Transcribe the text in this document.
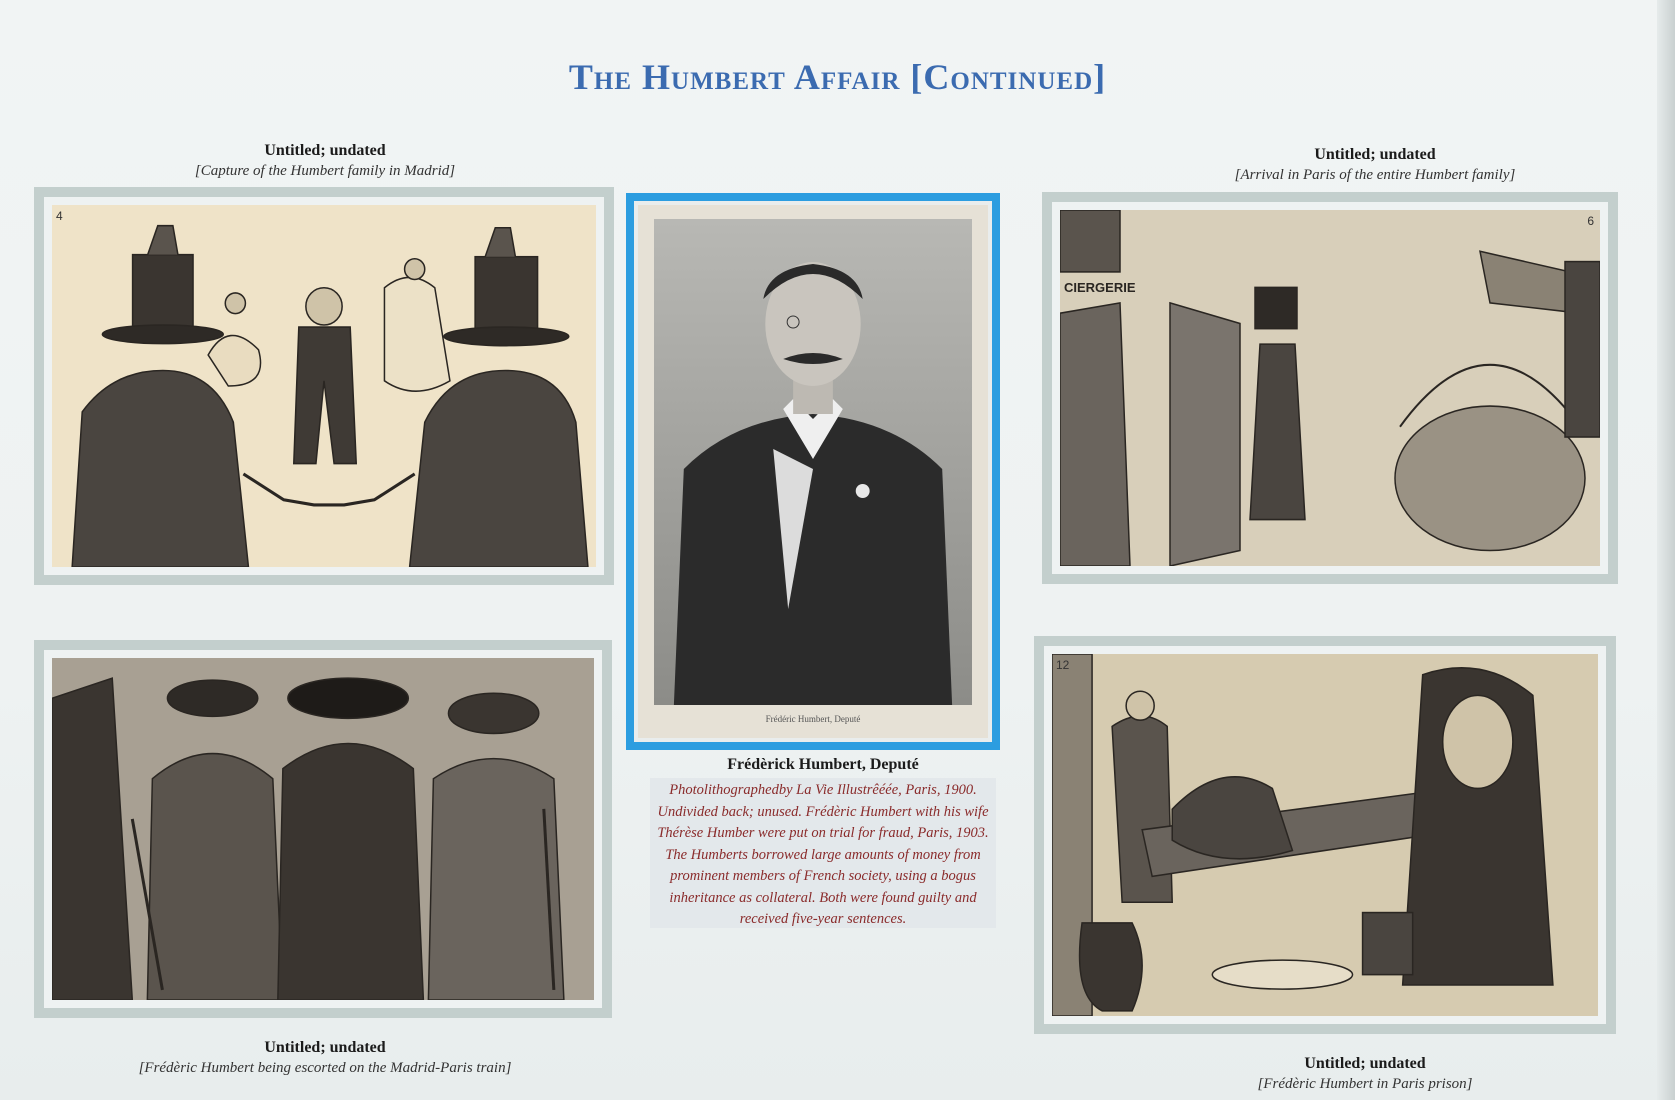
The Humbert Affair [Continued]
Untitled; undated
[Capture of the Humbert family in Madrid]
4
Untitled; undated
[Arrival in Paris of the entire Humbert family]
6
CIERGERIE
Frédéric Humbert, Deputé
Frédèrick Humbert, Deputé
Photolithographedby La Vie Illustrêéée, Paris, 1900. Undivided back; unused. Frédèric Humbert with his wife Thérèse Humber were put on trial for fraud, Paris, 1903. The Humberts borrowed large amounts of money from prominent members of French society, using a bogus inheritance as collateral. Both were found guilty and received five-year sentences.
Untitled; undated
[Frédèric Humbert being escorted on the Madrid-Paris train]
12
Untitled; undated
[Frédèric Humbert in Paris prison]
